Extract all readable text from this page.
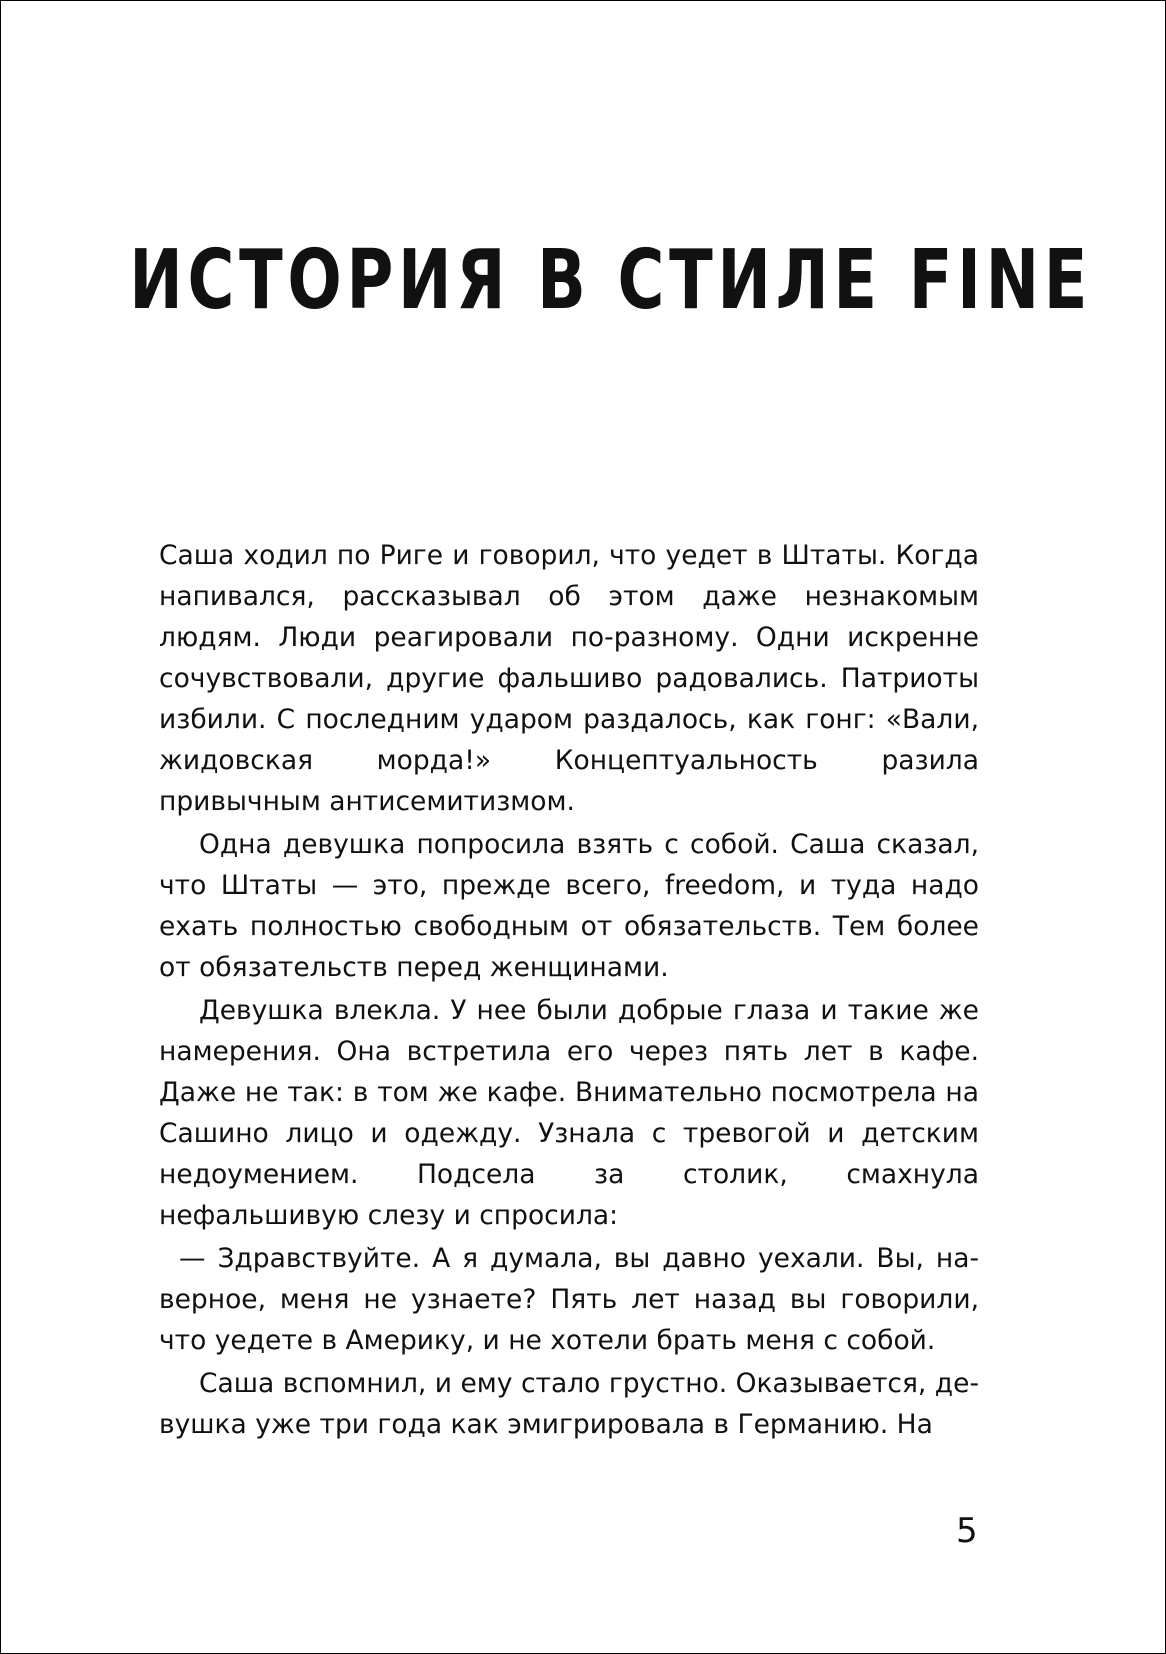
ИСТОРИЯ В СТИЛЕ FINE

Саша ходил по Риге и говорил, что уедет в Штаты. Когда напивался, рассказывал об этом даже незнакомым людям. Люди реагировали по-разному. Одни искренне сочувствовали, другие фальшиво радовались. Патриоты избили. С последним ударом раздалось, как гонг: «Вали, жидовская морда!» Концептуальность разила привычным антисемитизмом.

Одна девушка попросила взять с собой. Саша сказал, что Штаты — это, прежде всего, freedom, и туда надо ехать полностью свободным от обязательств. Тем более от обязательств перед женщинами.

Девушка влекла. У нее были добрые глаза и такие же намерения. Она встретила его через пять лет в кафе. Даже не так: в том же кафе. Внимательно посмотрела на Сашино лицо и одежду. Узнала с тревогой и детским недоумением. Подсела за столик, смахнула нефальшивую слезу и спросила:

— Здравствуйте. А я думала, вы давно уехали. Вы, наверное, меня не узнаете? Пять лет назад вы говорили, что уедете в Америку, и не хотели брать меня с собой.

Саша вспомнил, и ему стало грустно. Оказывается, девушка уже три года как эмигрировала в Германию. На

5
